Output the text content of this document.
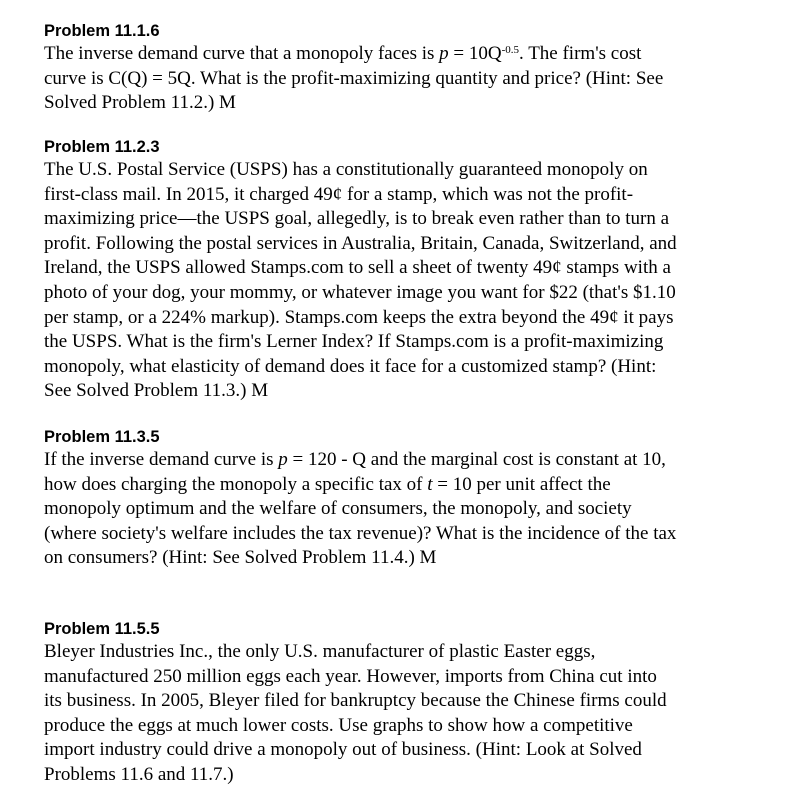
Problem 11.1.6

The inverse demand curve that a monopoly faces is $p = 10Q^{-0.5}$. The firm's cost
curve is C(Q) = 5Q. What is the profit-maximizing quantity and price? (Hint: See
Solved Problem 11.2.) M

Problem 11.2.3

The U.S. Postal Service (USPS) has a constitutionally guaranteed monopoly on
first-class mail. In 2015, it charged 49¢ for a stamp, which was not the profit-
maximizing price—the USPS goal, allegedly, is to break even rather than to turn a
profit. Following the postal services in Australia, Britain, Canada, Switzerland, and
Ireland, the USPS allowed Stamps.com to sell a sheet of twenty 49¢ stamps with a
photo of your dog, your mommy, or whatever image you want for $22 (that's $1.10
per stamp, or a 224% markup). Stamps.com keeps the extra beyond the 49¢ it pays
the USPS. What is the firm's Lerner Index? If Stamps.com is a profit-maximizing
monopoly, what elasticity of demand does it face for a customized stamp? (Hint:
See Solved Problem 11.3.) M

Problem 11.3.5

If the inverse demand curve is p = 120 - Q and the marginal cost is constant at 10,
how does charging the monopoly a specific tax of t = 10 per unit affect the
monopoly optimum and the welfare of consumers, the monopoly, and society
(where society's welfare includes the tax revenue)? What is the incidence of the tax
on consumers? (Hint: See Solved Problem 11.4.) M

Problem 11.5.5

Bleyer Industries Inc., the only U.S. manufacturer of plastic Easter eggs,
manufactured 250 million eggs each year. However, imports from China cut into
its business. In 2005, Bleyer filed for bankruptcy because the Chinese firms could
produce the eggs at much lower costs. Use graphs to show how a competitive
import industry could drive a monopoly out of business. (Hint: Look at Solved
Problems 11.6 and 11.7.)
